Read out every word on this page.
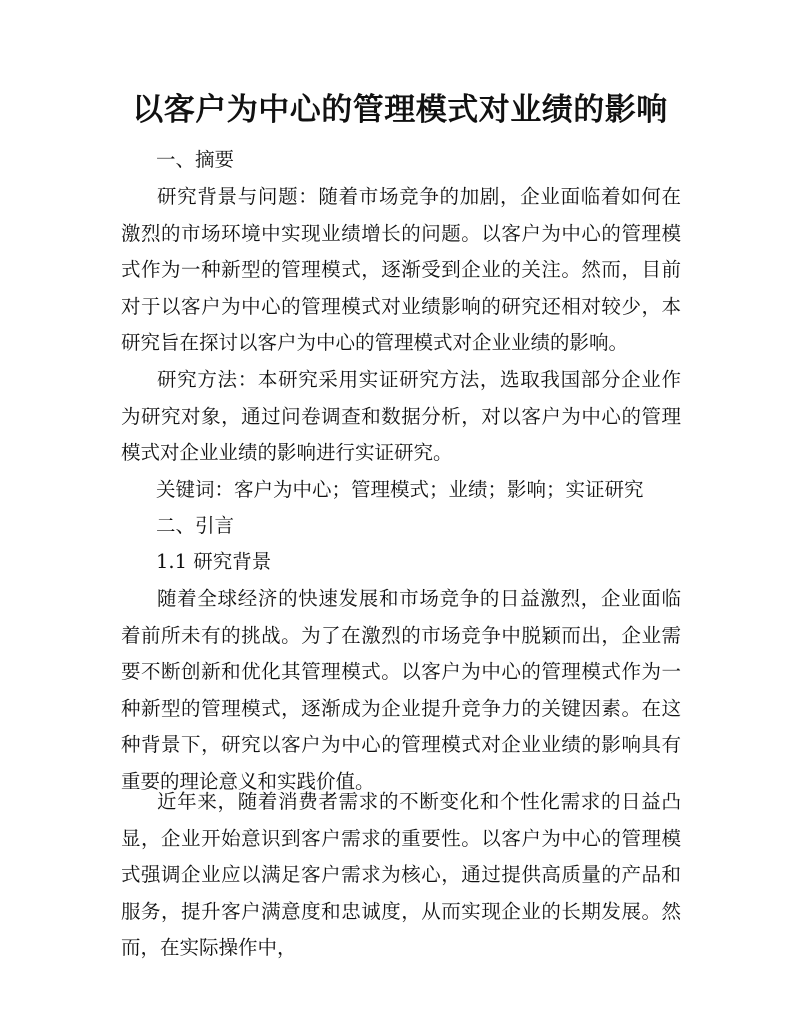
以客户为中心的管理模式对业绩的影响

一、摘要

研究背景与问题：随着市场竞争的加剧，企业面临着如何在激烈的市场环境中实现业绩增长的问题。以客户为中心的管理模式作为一种新型的管理模式，逐渐受到企业的关注。然而，目前对于以客户为中心的管理模式对业绩影响的研究还相对较少，本研究旨在探讨以客户为中心的管理模式对企业业绩的影响。

研究方法：本研究采用实证研究方法，选取我国部分企业作为研究对象，通过问卷调查和数据分析，对以客户为中心的管理模式对企业业绩的影响进行实证研究。

关键词：客户为中心；管理模式；业绩；影响；实证研究

二、引言

1.1 研究背景

随着全球经济的快速发展和市场竞争的日益激烈，企业面临着前所未有的挑战。为了在激烈的市场竞争中脱颖而出，企业需要不断创新和优化其管理模式。以客户为中心的管理模式作为一种新型的管理模式，逐渐成为企业提升竞争力的关键因素。在这种背景下，研究以客户为中心的管理模式对企业业绩的影响具有重要的理论意义和实践价值。

近年来，随着消费者需求的不断变化和个性化需求的日益凸显，企业开始意识到客户需求的重要性。以客户为中心的管理模式强调企业应以满足客户需求为核心，通过提供高质量的产品和服务，提升客户满意度和忠诚度，从而实现企业的长期发展。然而，在实际操作中，
